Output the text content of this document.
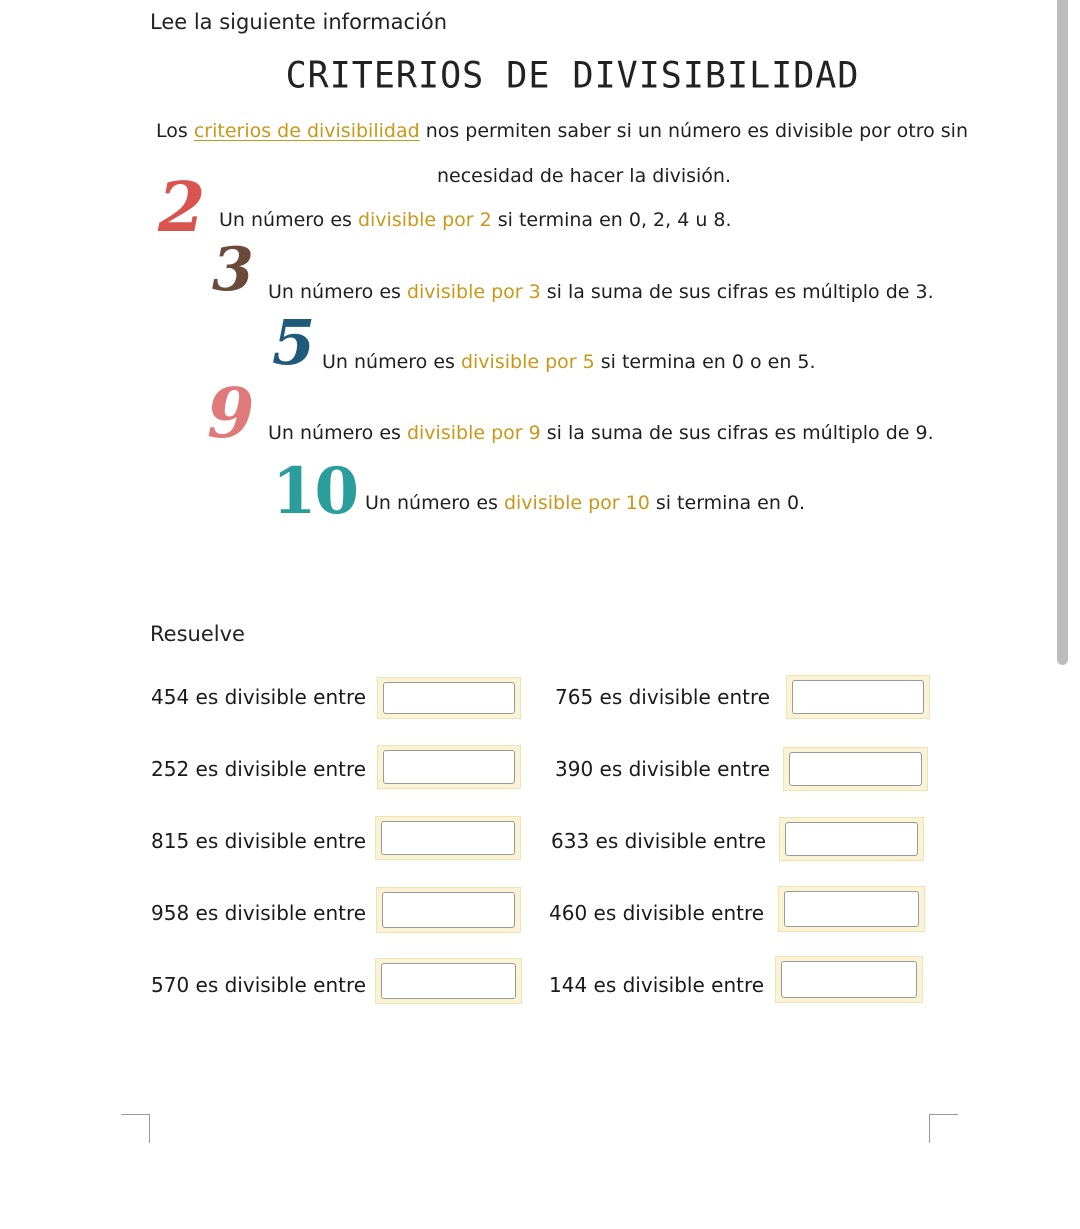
Lee la siguiente información
CRITERIOS DE DIVISIBILIDAD
Los criterios de divisibilidad nos permiten saber si un número es divisible por otro sin
necesidad de hacer la división.
2 Un número es divisible por 2 si termina en 0, 2, 4 u 8.
3 Un número es divisible por 3 si la suma de sus cifras es múltiplo de 3.
5 Un número es divisible por 5 si termina en 0 o en 5.
9 Un número es divisible por 9 si la suma de sus cifras es múltiplo de 9.
10 Un número es divisible por 10 si termina en 0.
Resuelve
454 es divisible entre	765 es divisible entre
252 es divisible entre	390 es divisible entre
815 es divisible entre	633 es divisible entre
958 es divisible entre	460 es divisible entre
570 es divisible entre	144 es divisible entre
